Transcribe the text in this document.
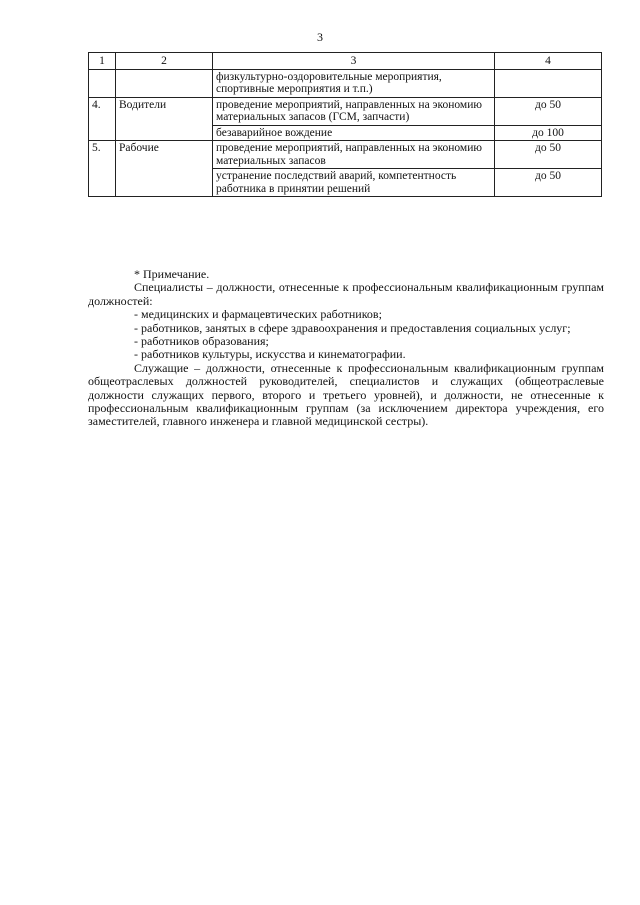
3
1	2	3	4
		физкультурно-оздоровительные мероприятия, спортивные мероприятия и т.п.)	
4.	Водители	проведение мероприятий, направленных на экономию материальных запасов (ГСМ, запчасти)	до 50
		безаварийное вождение	до 100
5.	Рабочие	проведение мероприятий, направленных на экономию материальных запасов	до 50
		устранение последствий аварий, компетентность работника в принятии решений	до 50

* Примечание.

Специалисты – должности, отнесенные к профессиональным квалификационным группам должностей:

- медицинских и фармацевтических работников;

- работников, занятых в сфере здравоохранения и предоставления социальных услуг;

- работников образования;

- работников культуры, искусства и кинематографии.

Служащие – должности, отнесенные к профессиональным квалификационным группам общеотраслевых должностей руководителей, специалистов и служащих (общеотраслевые должности служащих первого, второго и третьего уровней), и должности, не отнесенные к профессиональным квалификационным группам (за исключением директора учреждения, его заместителей, главного инженера и главной медицинской сестры).
